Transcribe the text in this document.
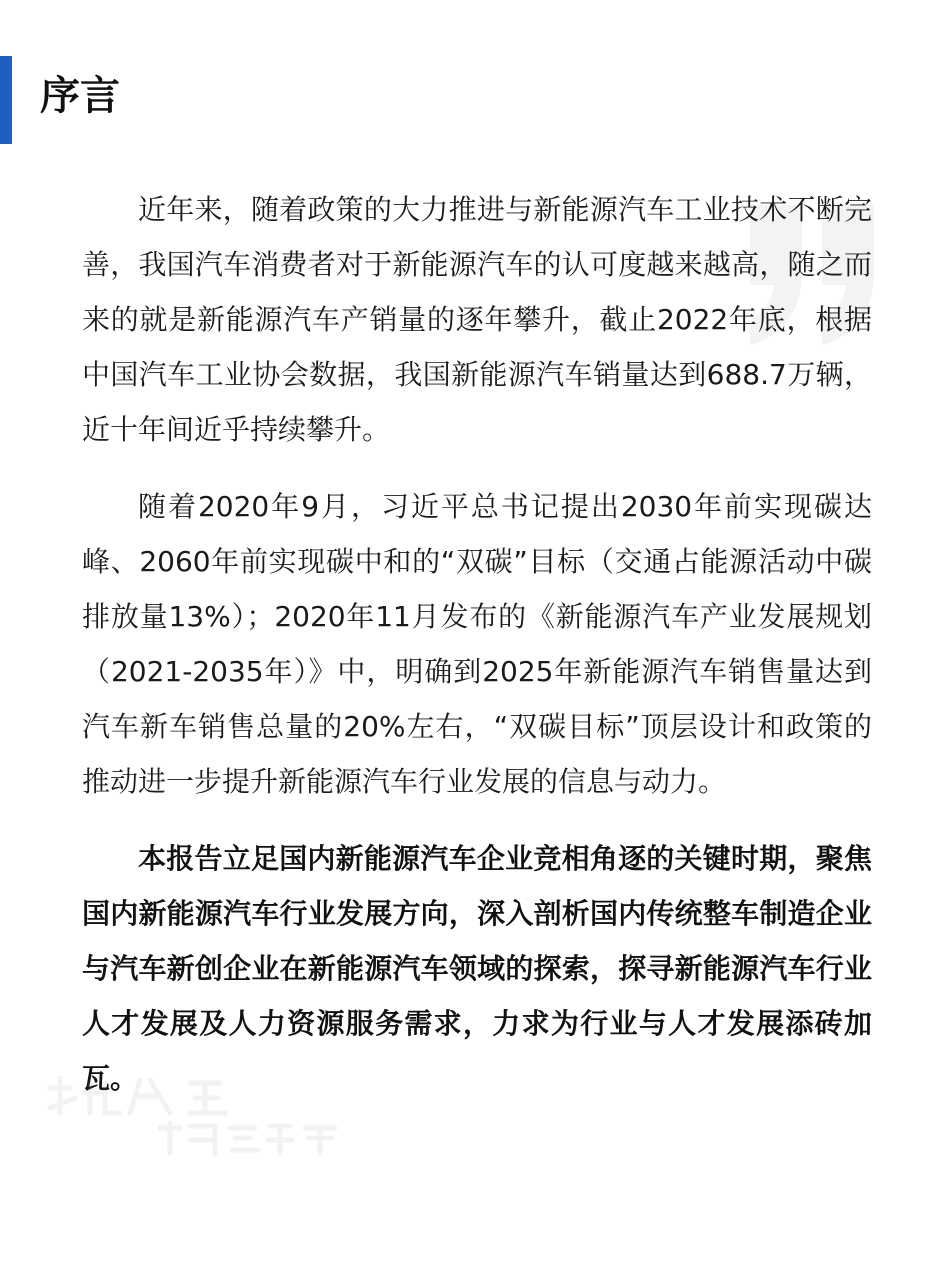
序言

近年来，随着政策的大力推进与新能源汽车工业技术不断完善，我国汽车消费者对于新能源汽车的认可度越来越高，随之而来的就是新能源汽车产销量的逐年攀升，截止2022年底，根据中国汽车工业协会数据，我国新能源汽车销量达到688.7万辆，近十年间近乎持续攀升。

随着2020年9月，习近平总书记提出2030年前实现碳达峰、2060年前实现碳中和的“双碳”目标（交通占能源活动中碳排放量13%）；2020年11月发布的《新能源汽车产业发展规划（2021-2035年）》中，明确到2025年新能源汽车销售量达到汽车新车销售总量的20%左右，“双碳目标”顶层设计和政策的推动进一步提升新能源汽车行业发展的信息与动力。

本报告立足国内新能源汽车企业竞相角逐的关键时期，聚焦国内新能源汽车行业发展方向，深入剖析国内传统整车制造企业与汽车新创企业在新能源汽车领域的探索，探寻新能源汽车行业人才发展及人力资源服务需求，力求为行业与人才发展添砖加瓦。
